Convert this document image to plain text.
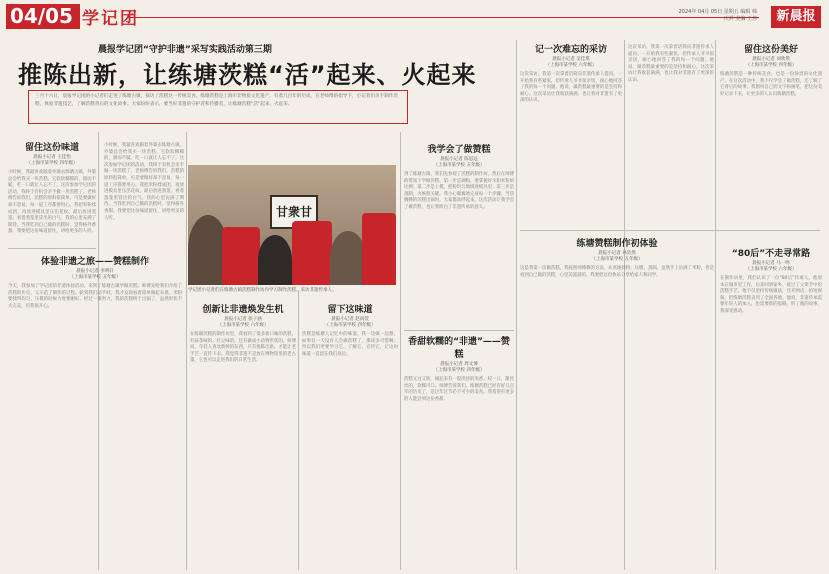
04/05 学记团	2024年 04月 05日 星期五 编辑 韩庆祥 美编 王伟	新晨报
晨报学记团“守护非遗”采写实践活动第三期
推陈出新，让练塘茨糕“活”起来、火起来
三月十六日，晨报学记团的小记者们走进了练塘古镇，探访了茨糕这一传统美食。练塘茨糕是上海市非物质文化遗产，有着几百年的历史。在老师傅的指导下，小记者们亲手制作茨糕，体验非遗技艺，了解茨糕背后的文化故事。大家纷纷表示，要当好非遗的守护者和传播者，让练塘茨糕“活”起来、火起来。
留住这份味道
晨报小记者 王佳怡
（上海市某学校 四年级）
小时候，我最喜欢跟着外婆去练塘古镇，外婆总会给我买一块茨糕。它软软糯糯的，甜而不腻，吃一口就让人忘不了。这次参加学记团的活动，我终于有机会亲手做一块茨糕了。老师傅告诉我们，茨糕的原料很简单，可是要做好却不容易，每一道工序都要用心。我把米粉揉成团，再放进模具里压出花纹，最后放进蒸笼。看着蒸笼里冒出的白气，我的心里充满了期待。当我吃到自己做的茨糕时，觉得格外香甜。我要把这份味道留住，讲给更多的人听。
体验非遗之旅——赞糕制作
晨报小记者 李明轩
（上海市某学校 五年级）
今天，我参加了学记团的非遗体验活动，来到了练塘古镇学做茨糕。师傅先给我们介绍了茨糕的历史，又示范了制作的过程。轮到我们动手时，我才发现看着简单做起来难。米粉要揉得均匀，压模的时候力度要刚好。经过一番努力，我的茨糕终于出锅了，虽然形状不太完美，但我很开心。
小时候，我最喜欢跟着外婆去练塘古镇，外婆总会给我买一块茨糕。它软软糯糯的，甜而不腻，吃一口就让人忘不了。这次参加学记团的活动，我终于有机会亲手做一块茨糕了。老师傅告诉我们，茨糕的原料很简单，可是要做好却不容易，每一道工序都要用心。我把米粉揉成团，再放进模具里压出花纹，最后放进蒸笼。看着蒸笼里冒出的白气，我的心里充满了期待。当我吃到自己做的茨糕时，觉得格外香甜。我要把这份味道留住，讲给更多的人听。	甘衆甘
学记团小记者们在练塘古镇茨糕制作坊内学习制作茨糕、采访非遗传承人。
创新让非遗焕发生机
晨报小记者 张子涵
（上海市某学校 六年级）
在练塘茨糕的制作坊里，我看到了很多新口味的茨糕，有抹茶味的、红豆味的，还有做成小动物形状的。师傅说，年轻人喜欢新鲜的东西，只有推陈出新，才能让老手艺一直传下去。我觉得非遗不是放在博物馆里的老古董，它也可以走进我们的日常生活。
留下这味道
晨报小记者 赵雨萱
（上海市某学校 四年级）
茨糕是练塘人记忆中的味道。我一边做一边想，如果有一天没有人会做茨糕了，那该多可惜啊。所以我们更要学习它、了解它、宣传它，让这份味道一直留在我们身边。
我学会了做赞糕
晨报小记者 陈思远
（上海市某学校 五年级）
到了练塘古镇，我们先参观了茨糕的制作坊，然后在师傅的带领下学做茨糕。第一步是调粉，要掌握好水和米粉的比例；第二步是上模，把粉均匀地填进模具里；第三步是蒸制，火候很关键。我小心翼翼地完成每一个步骤，当热腾腾的茨糕出锅时，大家都欢呼起来。这次活动让我学会了做茨糕，也让我明白了非遗传承的意义。
香甜软糯的“非遗”——赞糕
晨报小记者 周文博
（上海市某学校 四年级）
茨糕又白又软，闻起来有一股淡淡的米香。咬一口，甜丝丝的，软糯可口。师傅告诉我们，练塘茨糕已经有好几百年的历史了，是过年过节必不可少的美食。我希望有更多的人能尝到这份香甜。
记一次难忘的采访
晨报小记者 吴佳琪
（上海市某学校 六年级）
这次采访，我第一次拿着话筒向非遗传承人提问。一开始我有些紧张，但传承人爷爷很亲切，耐心地回答了我的每一个问题。他说，做茨糕最重要的是坚持和耐心。这次采访让我收获满满，也让我对非遗有了更深的认识。
这次采访，我第一次拿着话筒向非遗传承人提问。一开始我有些紧张，但传承人爷爷很亲切，耐心地回答了我的每一个问题。他说，做茨糕最重要的是坚持和耐心。这次采访让我收获满满，也让我对非遗有了更深的认识。
练塘赞糕制作初体验
晨报小记者 孙浩然
（上海市某学校 五年级）
这是我第一次做茨糕。我按照师傅教的方法，认真地揉粉、压模、蒸制。虽然手上沾满了米粉，但是看到自己做的茨糕，心里美滋滋的。我要把这份快乐分享给家人和同学。
留住这份美好
晨报小记者 刘欣然
（上海市某学校 四年级）
练塘茨糕是一种传统美食，也是一份珍贵的文化遗产。在这次活动中，我不仅学会了做茨糕，还了解了它背后的故事。我想用自己的文字和画笔，把这份美好记录下来，让更多的人认识练塘茨糕。
“80后”不走寻常路
晨报小记者 马一鸣
（上海市某学校 六年级）
在制作坊里，我们认识了一位“80后”传承人。他原本在城市里工作，后来回到家乡，接过了父辈手中的茨糕手艺。他不仅坚持传统做法，还开网店、拍短视频，把练塘茨糕卖到了全国各地。他说，非遗传承需要年轻人的加入，也需要新的思路。听了他的故事，我深受感动。
